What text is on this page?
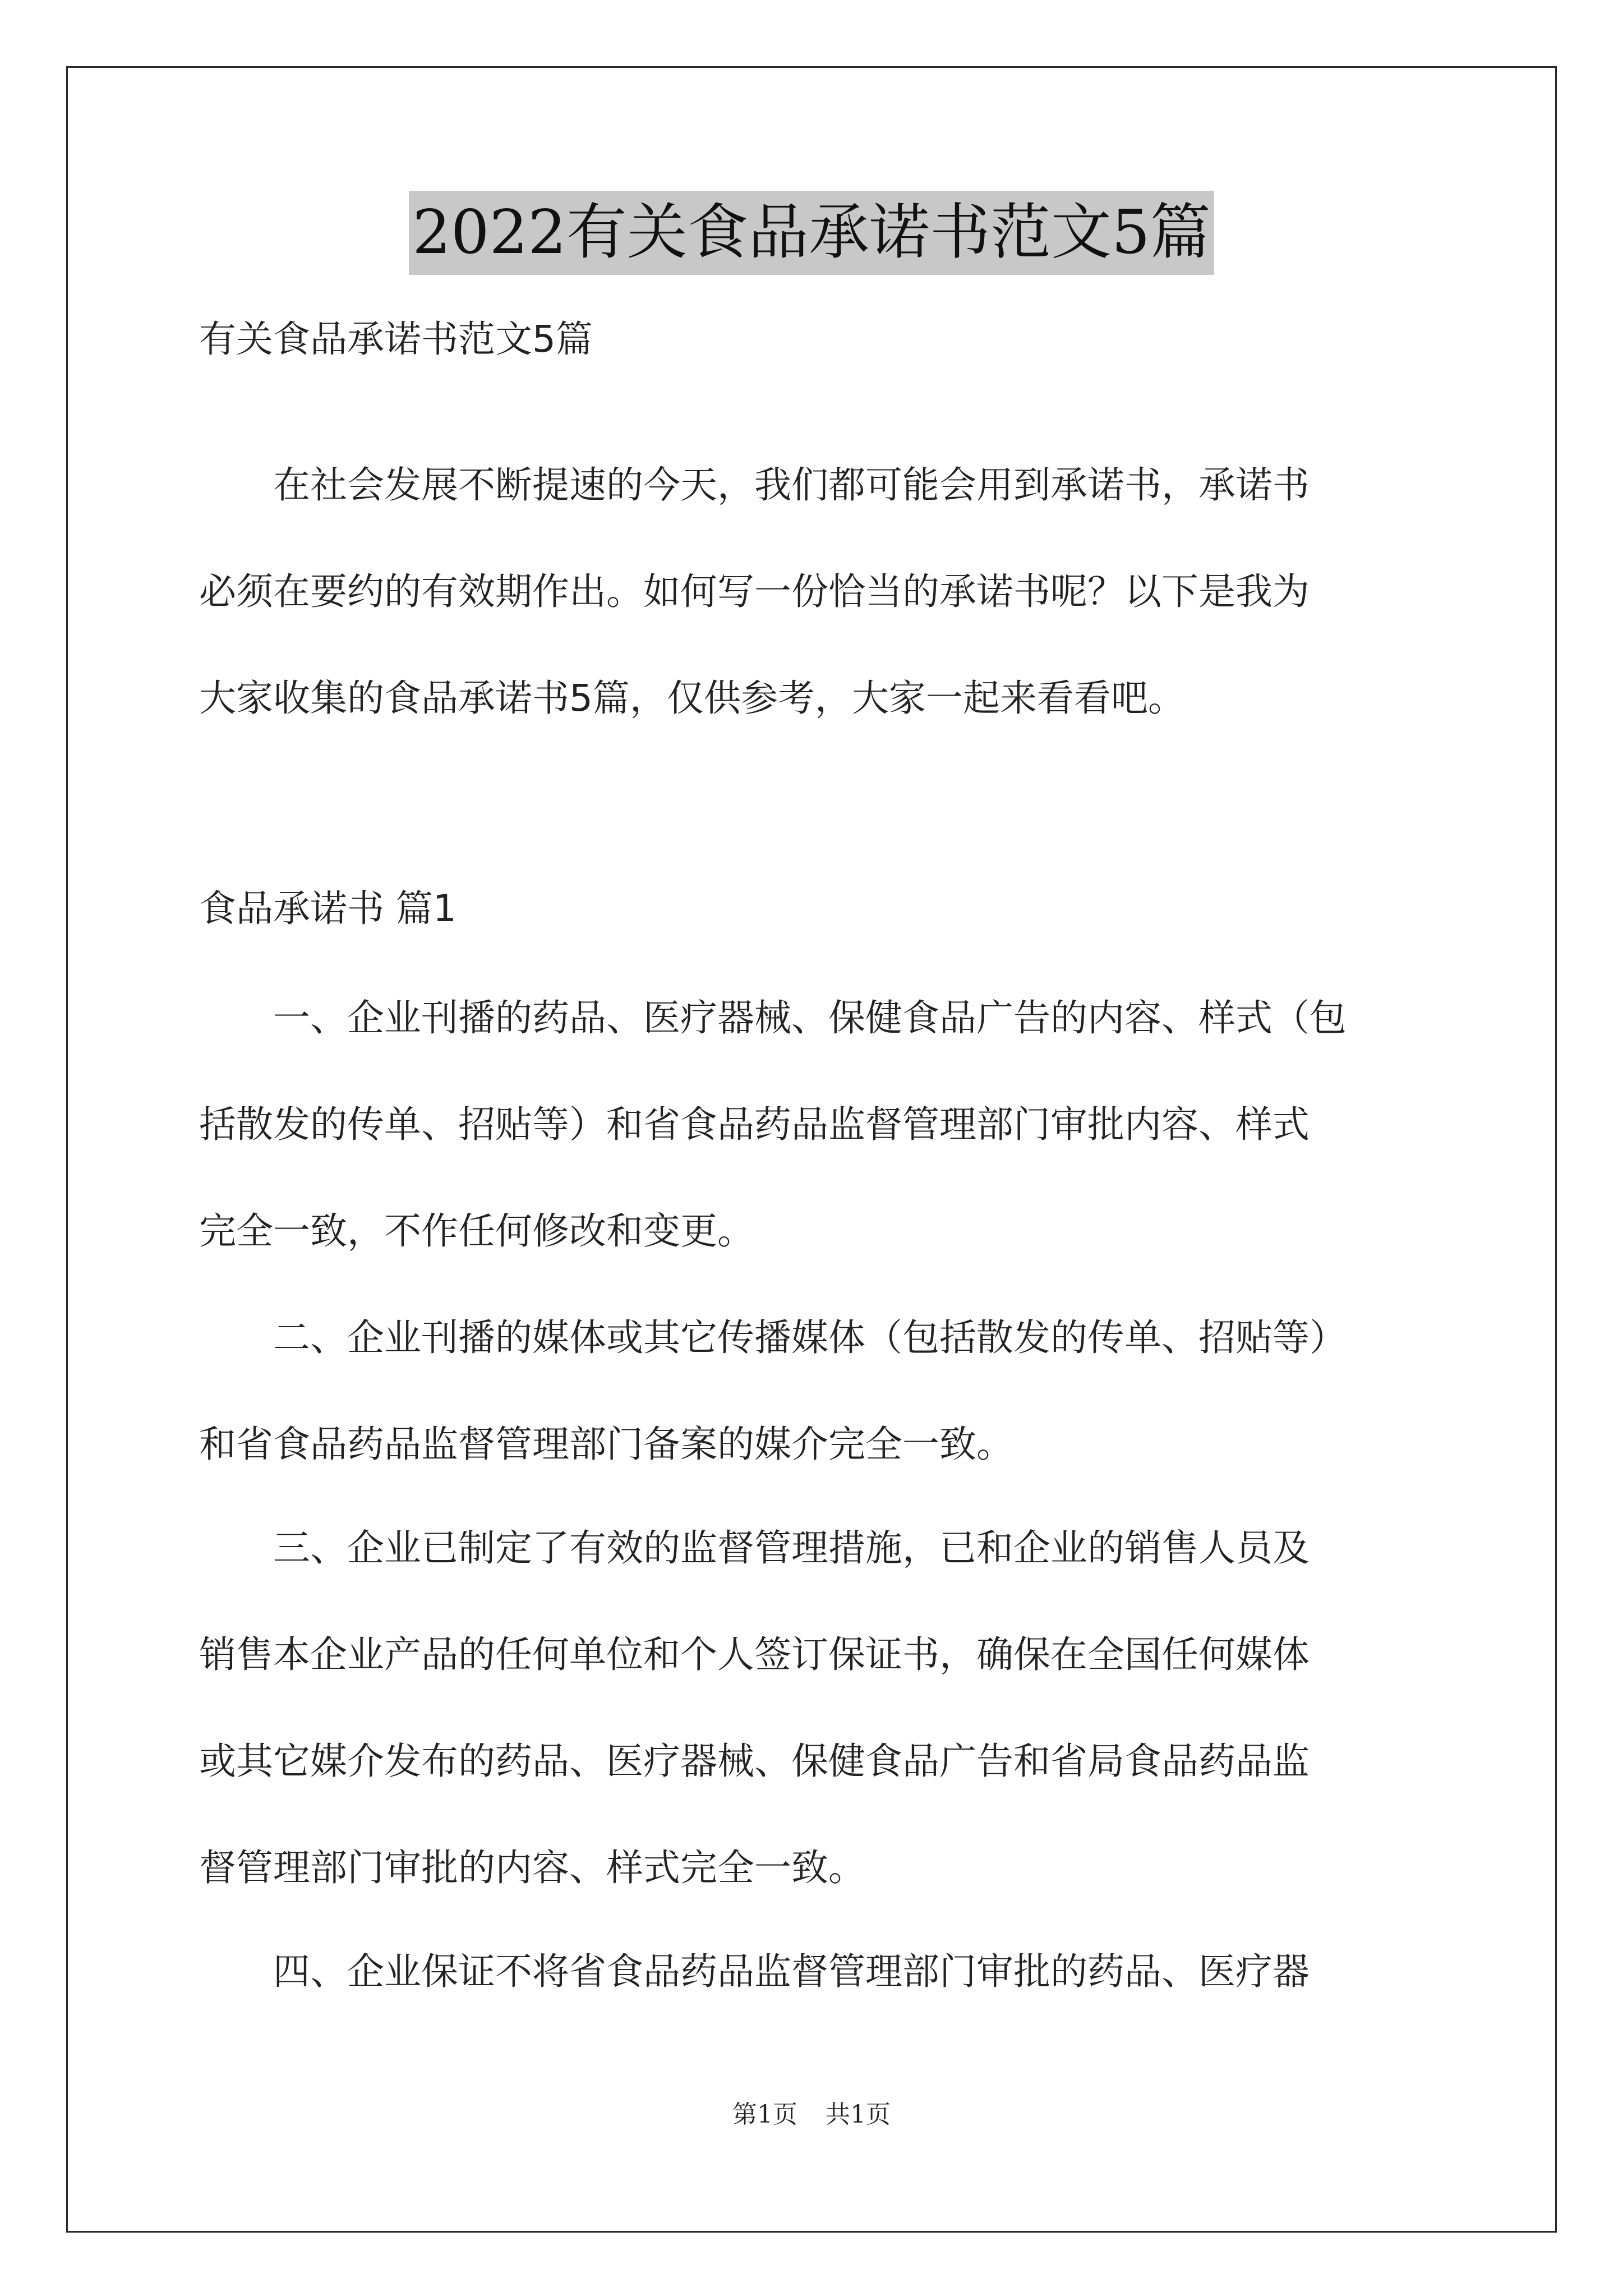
2022有关食品承诺书范文5篇
有关食品承诺书范文5篇
　　在社会发展不断提速的今天，我们都可能会用到承诺书，承诺书
必须在要约的有效期作出。如何写一份恰当的承诺书呢？以下是我为
大家收集的食品承诺书5篇，仅供参考，大家一起来看看吧。
食品承诺书 篇1
　　一、企业刊播的药品、医疗器械、保健食品广告的内容、样式（包
括散发的传单、招贴等）和省食品药品监督管理部门审批内容、样式
完全一致，不作任何修改和变更。
　　二、企业刊播的媒体或其它传播媒体（包括散发的传单、招贴等）
和省食品药品监督管理部门备案的媒介完全一致。
　　三、企业已制定了有效的监督管理措施，已和企业的销售人员及
销售本企业产品的任何单位和个人签订保证书，确保在全国任何媒体
或其它媒介发布的药品、医疗器械、保健食品广告和省局食品药品监
督管理部门审批的内容、样式完全一致。
　　四、企业保证不将省食品药品监督管理部门审批的药品、医疗器
第1页 共1页
